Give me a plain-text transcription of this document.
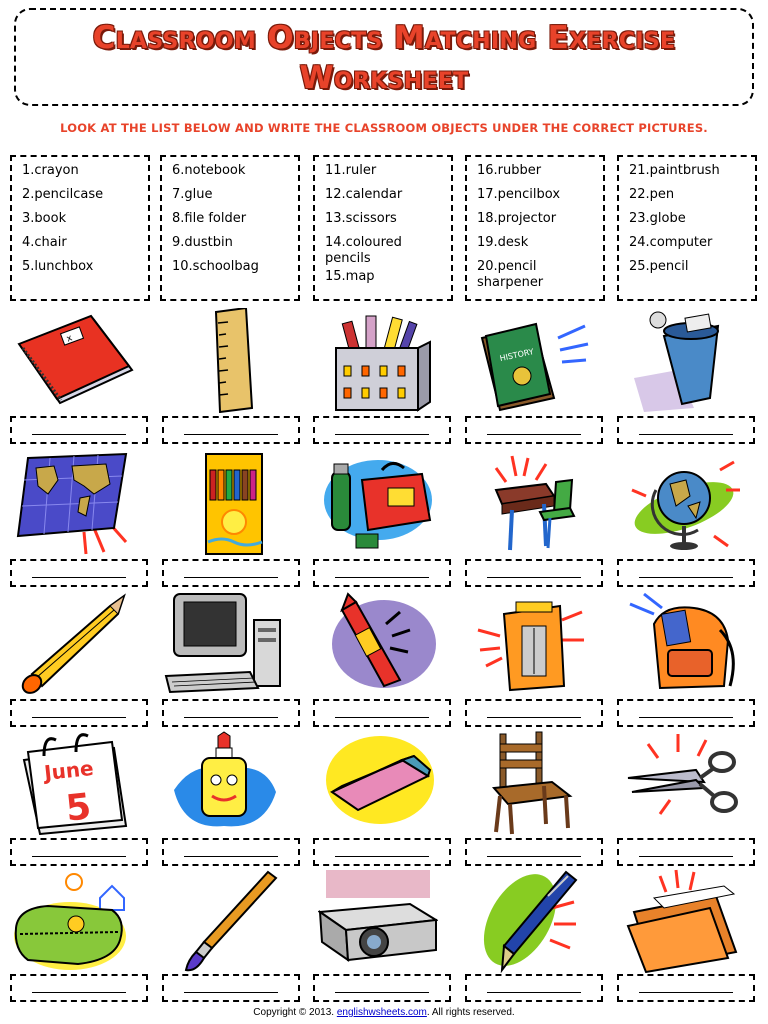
Classroom Objects Matching Exercise
Worksheet
LOOK AT THE LIST BELOW AND WRITE THE CLASSROOM OBJECTS UNDER THE CORRECT PICTURES.
1.crayon
2.pencilcase
3.book
4.chair
5.lunchbox
6.notebook
7.glue
8.file folder
9.dustbin
10.schoolbag
11.ruler
12.calendar
13.scissors
14.coloured pencils
15.map
16.rubber
17.pencilbox
18.projector
19.desk
20.pencil sharpener
21.paintbrush
22.pen
23.globe
24.computer
25.pencil
x
HISTORY
June
5
Copyright © 2013. englishwsheets.com. All rights reserved.
